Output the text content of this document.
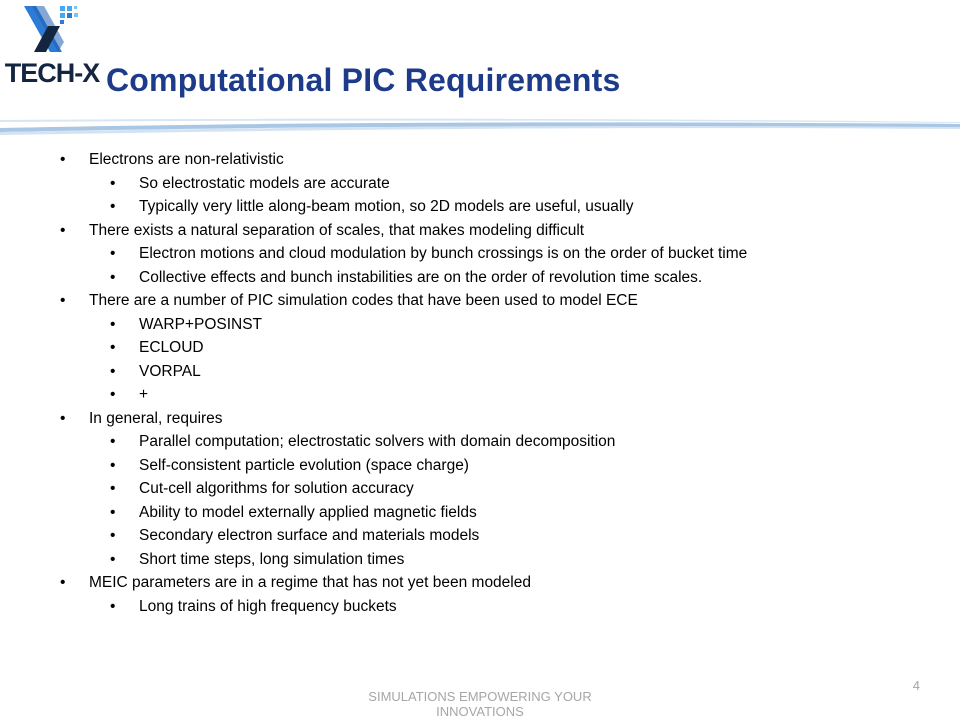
TECH-X Computational PIC Requirements
• Electrons are non-relativistic
• So electrostatic models are accurate
• Typically very little along-beam motion, so 2D models are useful, usually
• There exists a natural separation of scales, that makes modeling difficult
• Electron motions and cloud modulation by bunch crossings is on the order of bucket time
• Collective effects and bunch instabilities are on the order of revolution time scales.
• There are a number of PIC simulation codes that have been used to model ECE
• WARP+POSINST
• ECLOUD
• VORPAL
• +
• In general, requires
• Parallel computation; electrostatic solvers with domain decomposition
• Self-consistent particle evolution (space charge)
• Cut-cell algorithms for solution accuracy
• Ability to model externally applied magnetic fields
• Secondary electron surface and materials models
• Short time steps, long simulation times
• MEIC parameters are in a regime that has not yet been modeled
• Long trains of high frequency buckets
SIMULATIONS EMPOWERING YOUR INNOVATIONS
4
